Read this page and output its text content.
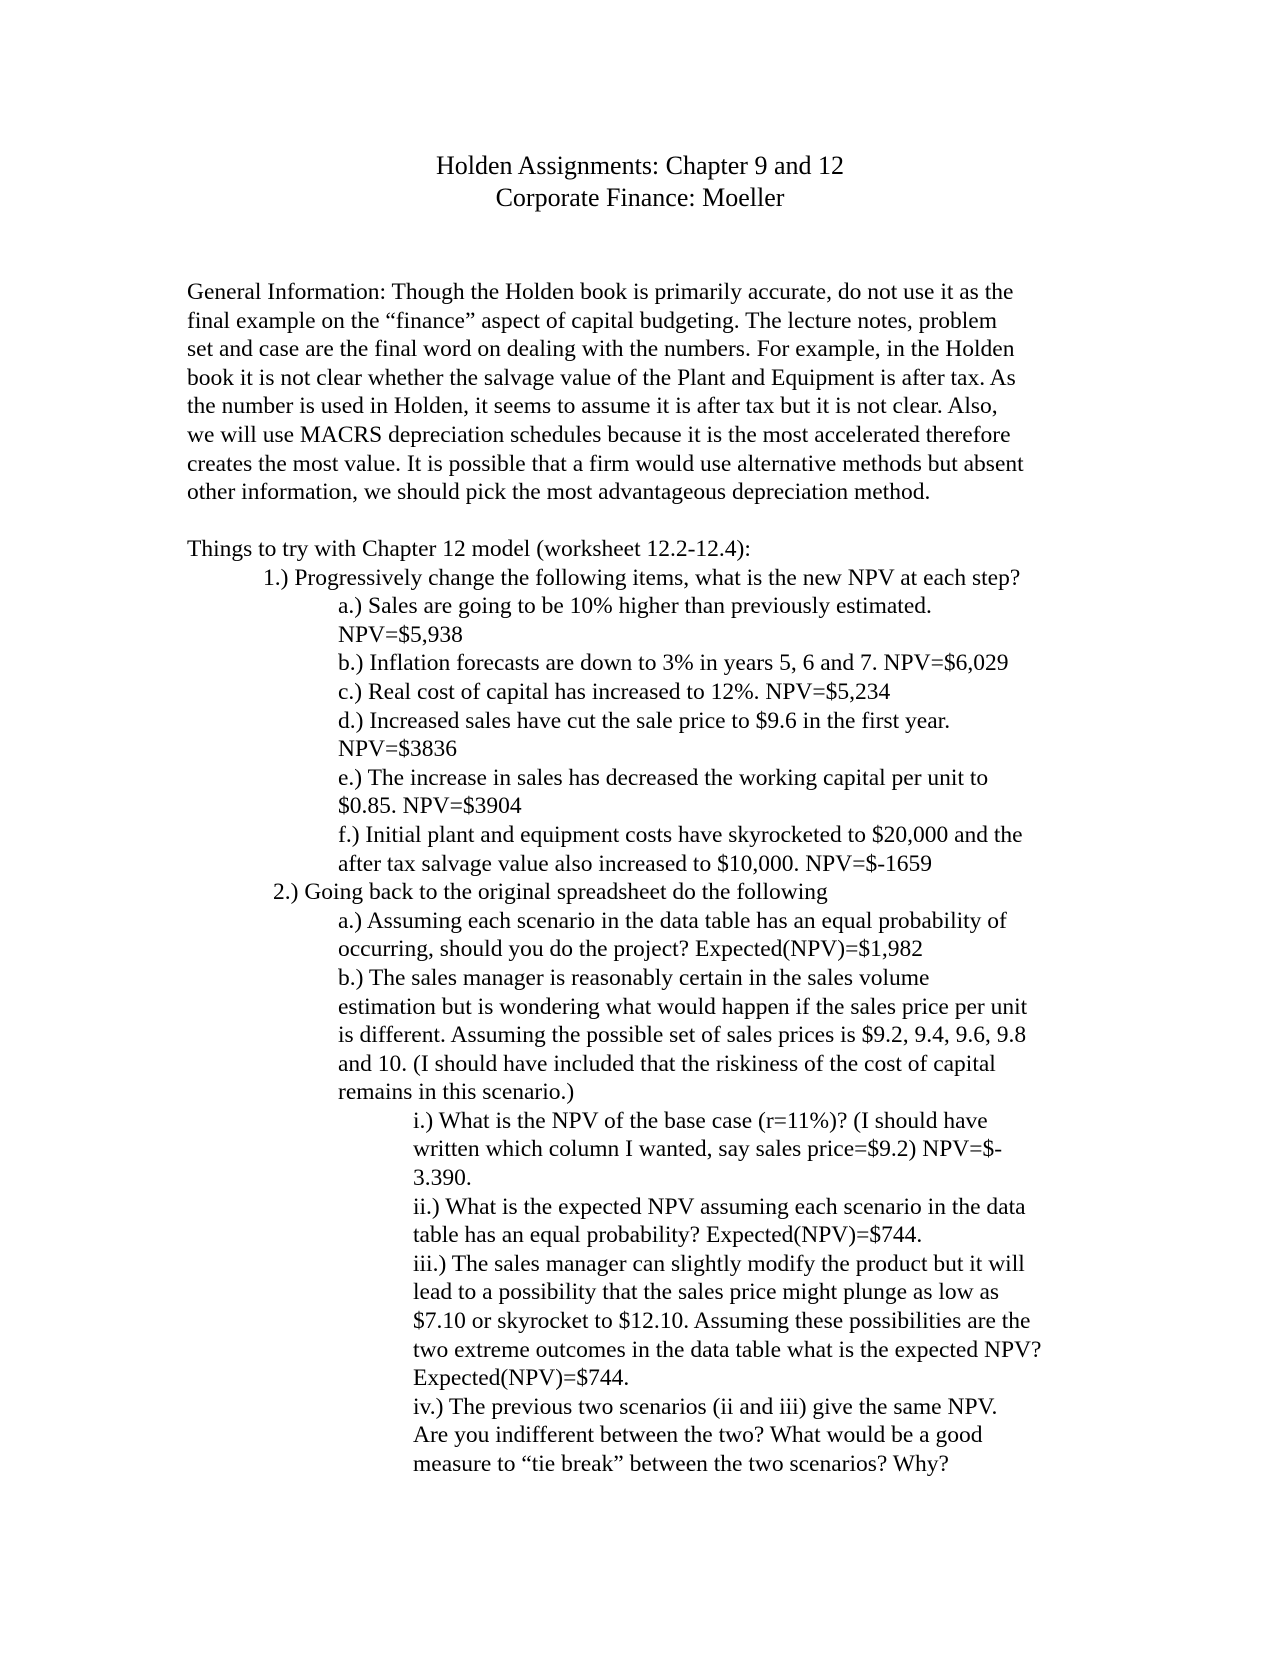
Holden Assignments: Chapter 9 and 12
Corporate Finance: Moeller
General Information: Though the Holden book is primarily accurate, do not use it as the
final example on the “finance” aspect of capital budgeting. The lecture notes, problem
set and case are the final word on dealing with the numbers. For example, in the Holden
book it is not clear whether the salvage value of the Plant and Equipment is after tax. As
the number is used in Holden, it seems to assume it is after tax but it is not clear. Also,
we will use MACRS depreciation schedules because it is the most accelerated therefore
creates the most value. It is possible that a firm would use alternative methods but absent
other information, we should pick the most advantageous depreciation method.
Things to try with Chapter 12 model (worksheet 12.2-12.4):
1.) Progressively change the following items, what is the new NPV at each step?
a.) Sales are going to be 10% higher than previously estimated.
NPV=$5,938
b.) Inflation forecasts are down to 3% in years 5, 6 and 7. NPV=$6,029
c.) Real cost of capital has increased to 12%. NPV=$5,234
d.) Increased sales have cut the sale price to $9.6 in the first year.
NPV=$3836
e.) The increase in sales has decreased the working capital per unit to
$0.85. NPV=$3904
f.) Initial plant and equipment costs have skyrocketed to $20,000 and the
after tax salvage value also increased to $10,000. NPV=$-1659
2.) Going back to the original spreadsheet do the following
a.) Assuming each scenario in the data table has an equal probability of
occurring, should you do the project? Expected(NPV)=$1,982
b.) The sales manager is reasonably certain in the sales volume
estimation but is wondering what would happen if the sales price per unit
is different. Assuming the possible set of sales prices is $9.2, 9.4, 9.6, 9.8
and 10. (I should have included that the riskiness of the cost of capital
remains in this scenario.)
i.) What is the NPV of the base case (r=11%)? (I should have
written which column I wanted, say sales price=$9.2) NPV=$-
3.390.
ii.) What is the expected NPV assuming each scenario in the data
table has an equal probability? Expected(NPV)=$744.
iii.) The sales manager can slightly modify the product but it will
lead to a possibility that the sales price might plunge as low as
$7.10 or skyrocket to $12.10. Assuming these possibilities are the
two extreme outcomes in the data table what is the expected NPV?
Expected(NPV)=$744.
iv.) The previous two scenarios (ii and iii) give the same NPV.
Are you indifferent between the two? What would be a good
measure to “tie break” between the two scenarios? Why?
